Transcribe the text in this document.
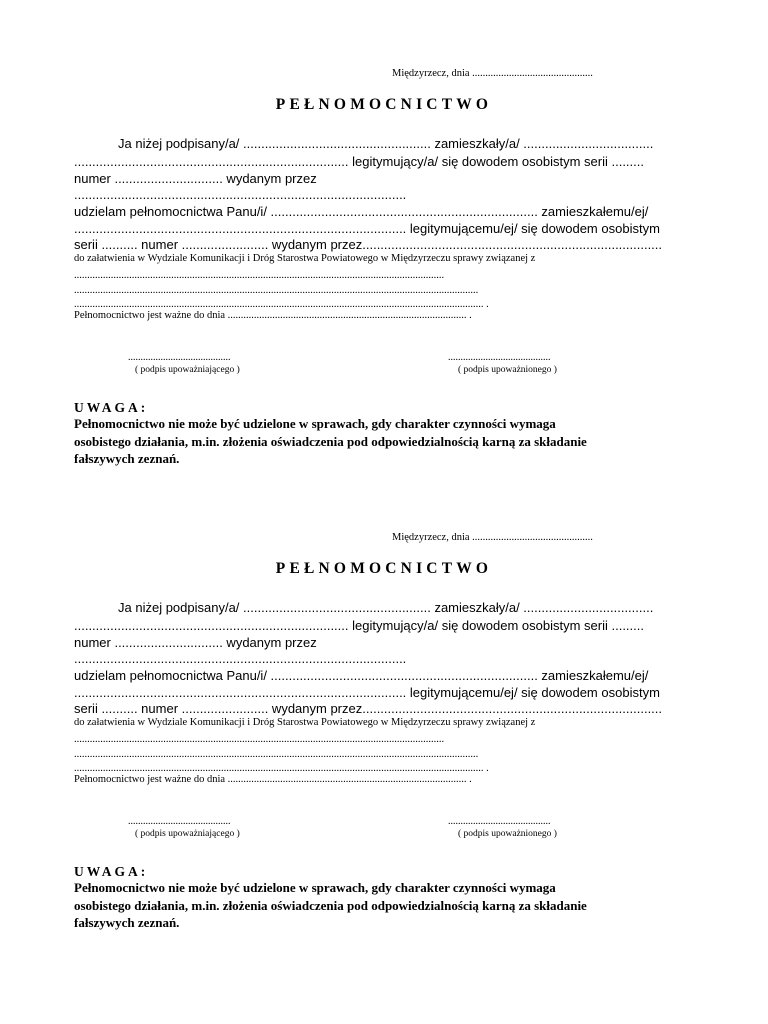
Międzyrzecz, dnia ..............................................
PEŁNOMOCNICTWO
Ja niżej podpisany/a/ .................................................... zamieszkały/a/ ....................................
............................................................................ legitymujący/a/ się dowodem osobistym serii .........
numer .............................. wydanym przez
............................................................................................
udzielam pełnomocnictwa Panu/i/ .......................................................................... zamieszkałemu/ej/
............................................................................................ legitymującemu/ej/ się dowodem osobistym
serii .......... numer ........................ wydanym przez...................................................................................
do załatwienia w Wydziale Komunikacji i Dróg Starostwa Powiatowego w Międzyrzeczu sprawy związanej z
.............................................................................................................................................
..........................................................................................................................................................
............................................................................................................................................................ .
Pełnomocnictwo jest ważne do dnia ........................................................................................... .
.........................................
( podpis upoważniającego )
.........................................
( podpis upoważnionego )
UWAGA:
Pełnomocnictwo nie może być udzielone w sprawach, gdy charakter czynności wymaga
osobistego działania, m.in. złożenia oświadczenia pod odpowiedzialnością karną za składanie
fałszywych zeznań.
Międzyrzecz, dnia ..............................................
PEŁNOMOCNICTWO
Ja niżej podpisany/a/ .................................................... zamieszkały/a/ ....................................
............................................................................ legitymujący/a/ się dowodem osobistym serii .........
numer .............................. wydanym przez
............................................................................................
udzielam pełnomocnictwa Panu/i/ .......................................................................... zamieszkałemu/ej/
............................................................................................ legitymującemu/ej/ się dowodem osobistym
serii .......... numer ........................ wydanym przez...................................................................................
do załatwienia w Wydziale Komunikacji i Dróg Starostwa Powiatowego w Międzyrzeczu sprawy związanej z
.............................................................................................................................................
..........................................................................................................................................................
............................................................................................................................................................ .
Pełnomocnictwo jest ważne do dnia ........................................................................................... .
.........................................
( podpis upoważniającego )
.........................................
( podpis upoważnionego )
UWAGA:
Pełnomocnictwo nie może być udzielone w sprawach, gdy charakter czynności wymaga
osobistego działania, m.in. złożenia oświadczenia pod odpowiedzialnością karną za składanie
fałszywych zeznań.
